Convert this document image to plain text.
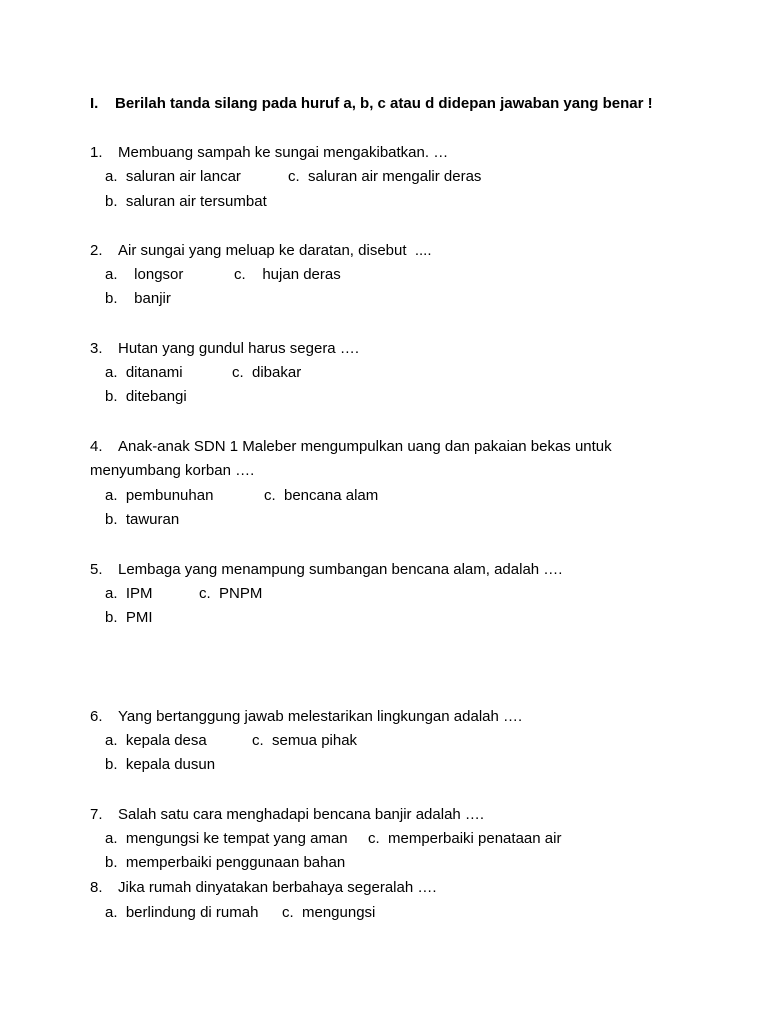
I. Berilah tanda silang pada huruf a, b, c atau d didepan jawaban yang benar !
1. Membuang sampah ke sungai mengakibatkan. …
a.  saluran air lancar	c.  saluran air mengalir deras
b.  saluran air tersumbat
2. Air sungai yang meluap ke daratan, disebut  ....
a.    longsor	c.    hujan deras
b.    banjir
3. Hutan yang gundul harus segera ….
a.  ditanami	c.  dibakar
b.  ditebangi
4. Anak-anak SDN 1 Maleber mengumpulkan uang dan pakaian bekas untuk
menyumbang korban ….
a.  pembunuhan	c.  bencana alam
b.  tawuran
5. Lembaga yang menampung sumbangan bencana alam, adalah ….
a.  IPM	c.  PNPM
b.  PMI
6. Yang bertanggung jawab melestarikan lingkungan adalah ….
a.  kepala desa	c.  semua pihak
b.  kepala dusun
7. Salah satu cara menghadapi bencana banjir adalah ….
a.  mengungsi ke tempat yang aman c.  memperbaiki penataan air
b.  memperbaiki penggunaan bahan
8. Jika rumah dinyatakan berbahaya segeralah ….
a.  berlindung di rumah c.  mengungsi
